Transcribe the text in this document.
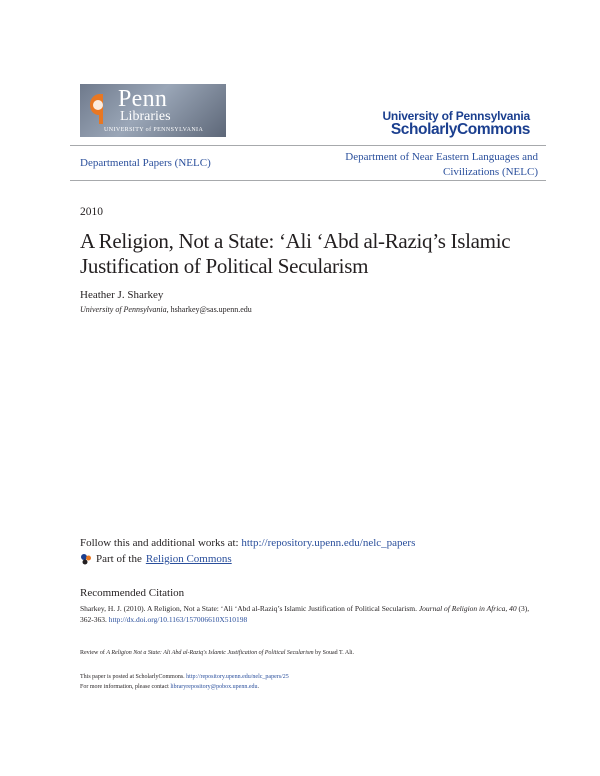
Penn
Libraries
UNIVERSITY of PENNSYLVANIA
University of Pennsylvania
ScholarlyCommons
Departmental Papers (NELC)	Department of Near Eastern Languages and Civilizations (NELC)
2010
A Religion, Not a State: ‘Ali ‘Abd al-Raziq’s Islamic Justification of Political Secularism
Heather J. Sharkey
University of Pennsylvania, hsharkey@sas.upenn.edu
Follow this and additional works at: http://repository.upenn.edu/nelc_papers
Part of the Religion Commons
Recommended Citation
Sharkey, H. J. (2010). A Religion, Not a State: ‘Ali ‘Abd al-Raziq’s Islamic Justification of Political Secularism. Journal of Religion in Africa, 40 (3), 362-363. http://dx.doi.org/10.1163/157006610X510198
Review of A Religion Not a State: Ali Abd al-Raziq's Islamic Justification of Political Secularism by Souad T. Ali.
This paper is posted at ScholarlyCommons. http://repository.upenn.edu/nelc_papers/25
For more information, please contact libraryrepository@pobox.upenn.edu.
